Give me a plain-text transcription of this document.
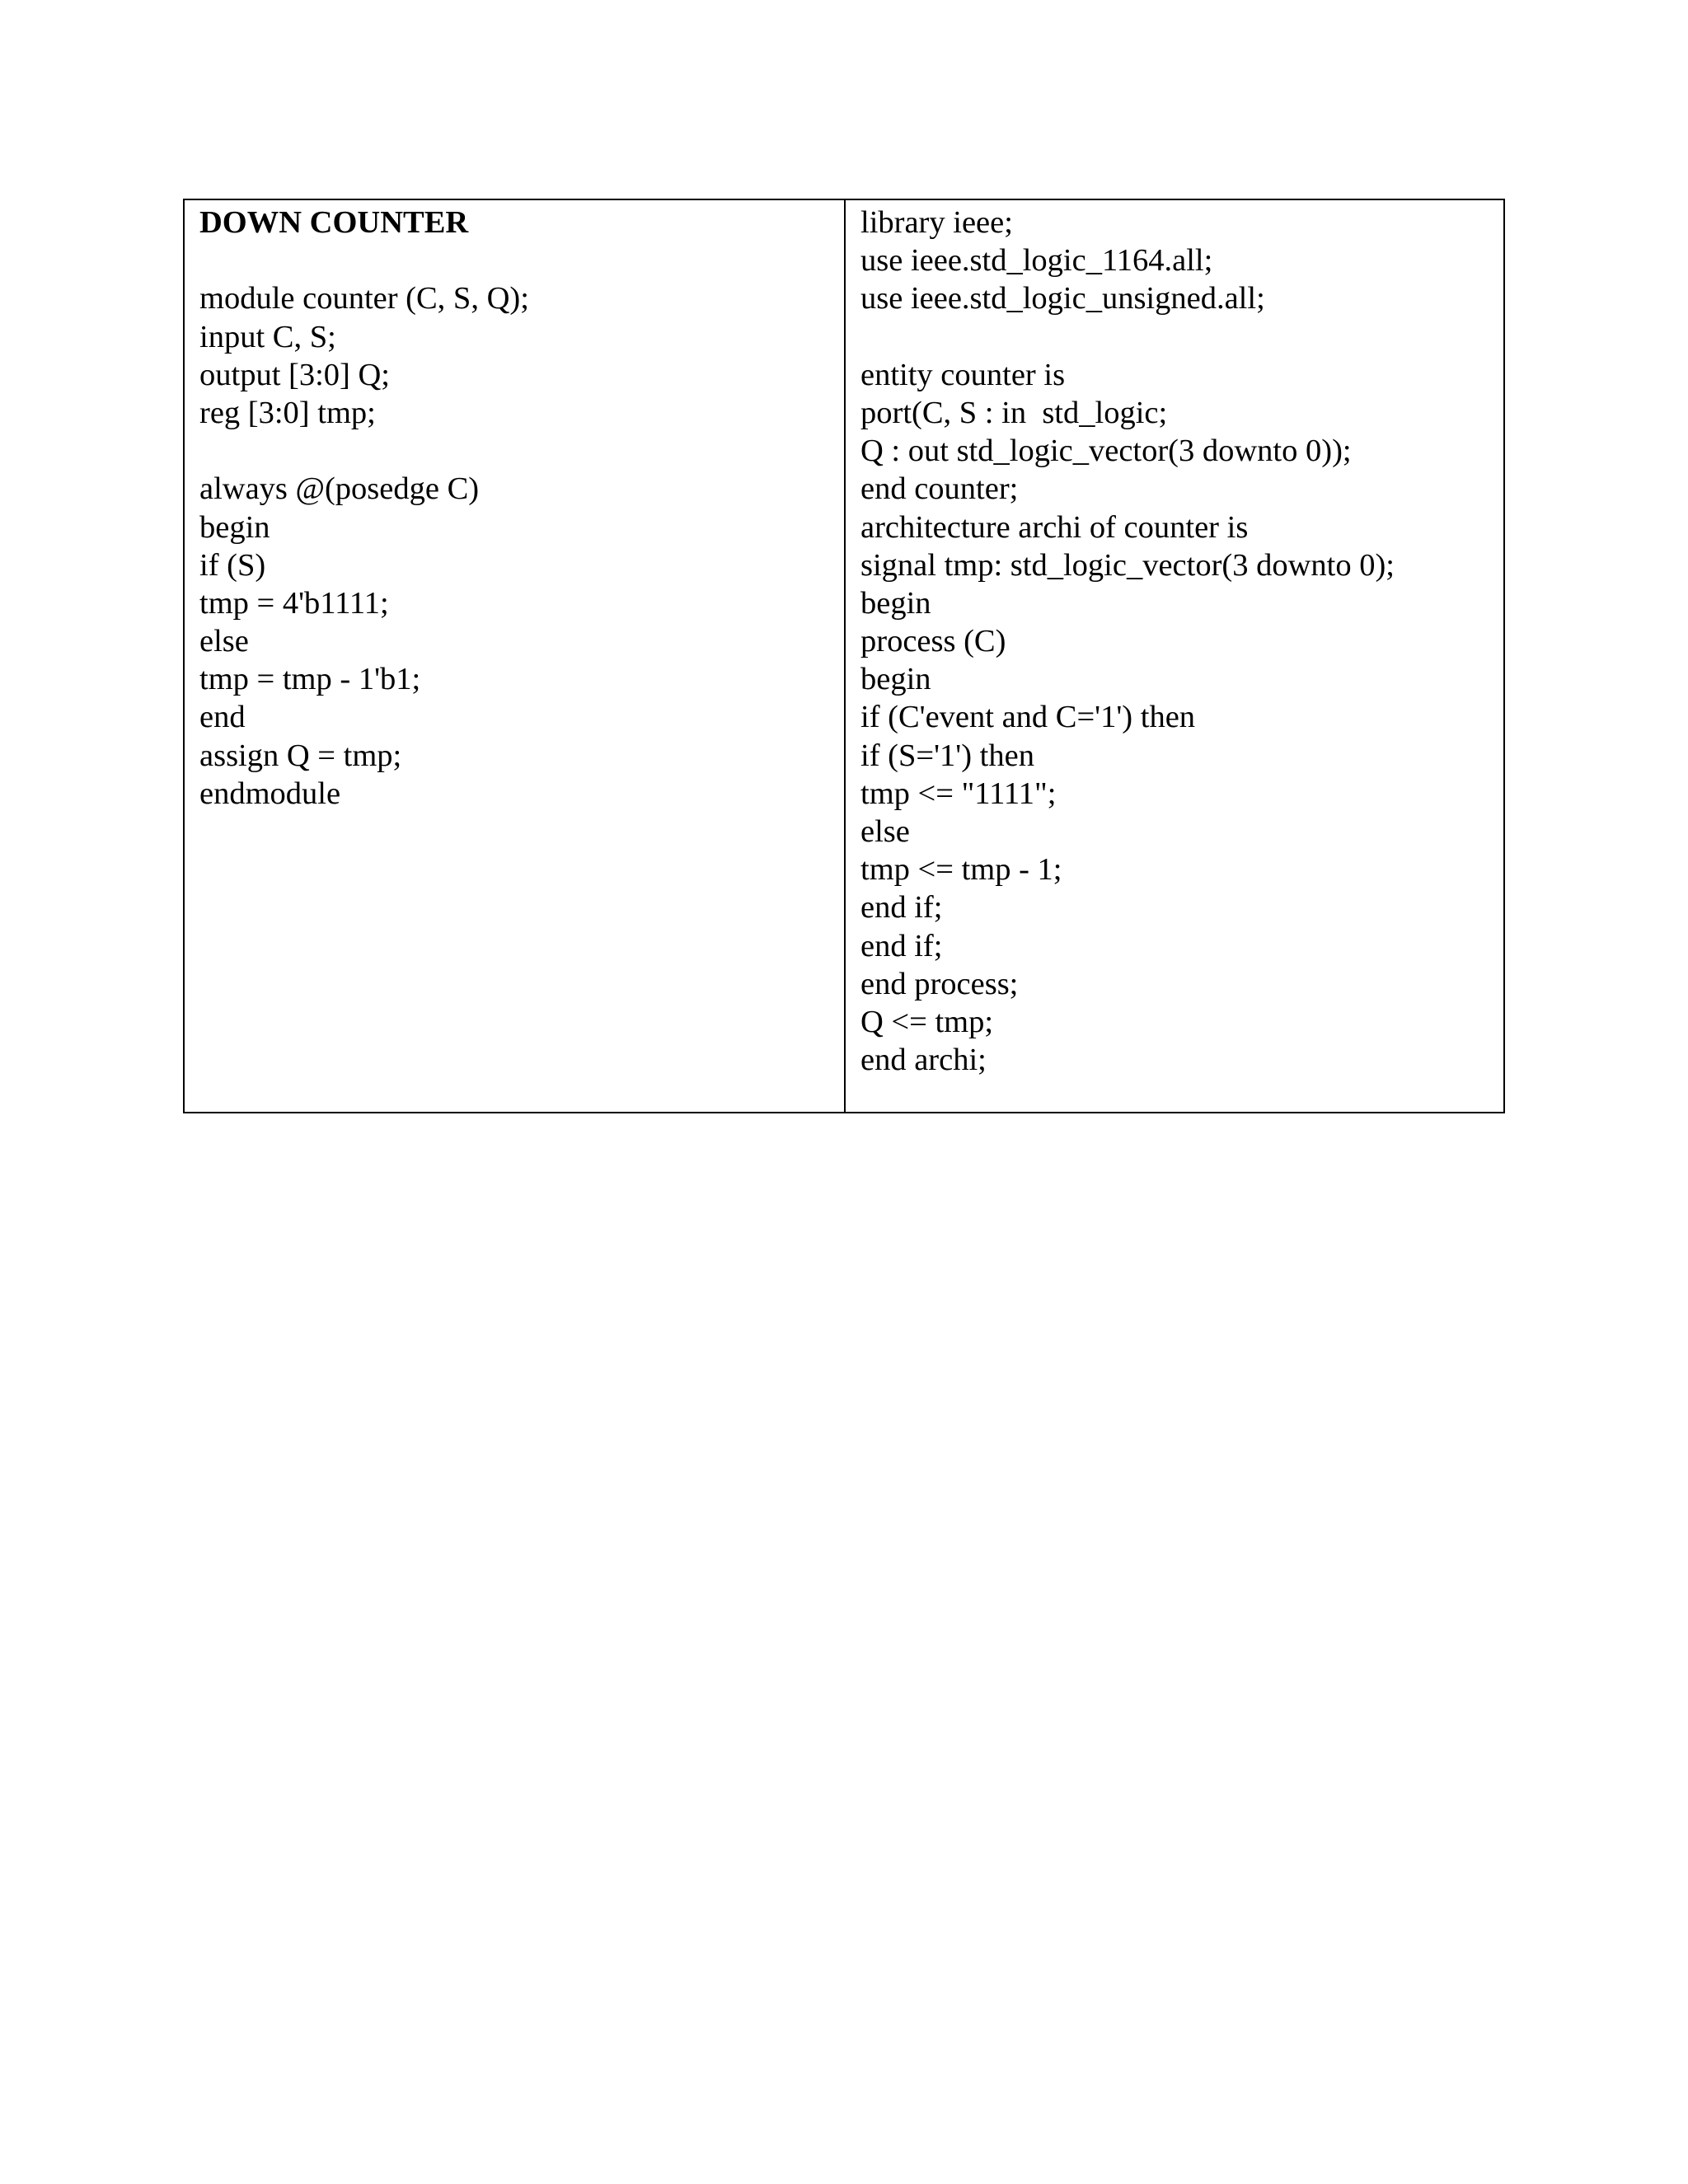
DOWN COUNTER
module counter (C, S, Q);
input C, S;
output [3:0] Q;
reg [3:0] tmp;
always @(posedge C)
begin
if (S)
tmp = 4'b1111;
else
tmp = tmp - 1'b1;
end
assign Q = tmp;
endmodule
library ieee;
use ieee.std_logic_1164.all;
use ieee.std_logic_unsigned.all;
entity counter is
port(C, S : in  std_logic;
Q : out std_logic_vector(3 downto 0));
end counter;
architecture archi of counter is
signal tmp: std_logic_vector(3 downto 0);
begin
process (C)
begin
if (C'event and C='1') then
if (S='1') then
tmp <= "1111";
else
tmp <= tmp - 1;
end if;
end if;
end process;
Q <= tmp;
end archi;
